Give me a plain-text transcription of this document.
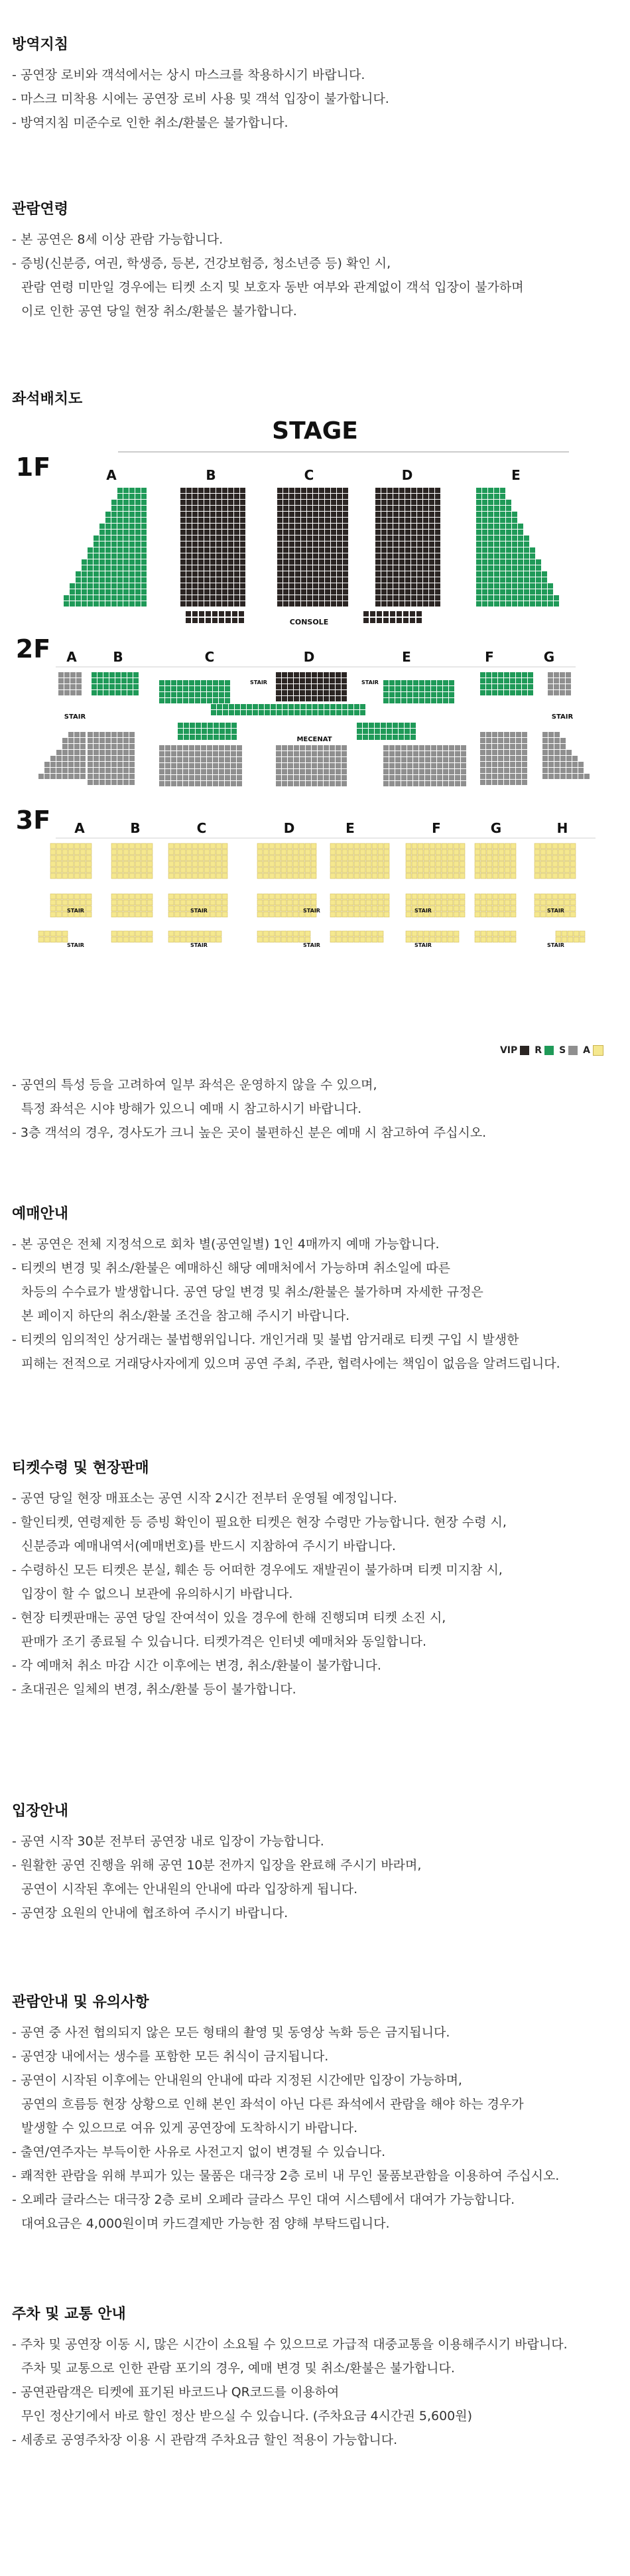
방역지침
- 공연장 로비와 객석에서는 상시 마스크를 착용하시기 바랍니다.
- 마스크 미착용 시에는 공연장 로비 사용 및 객석 입장이 불가합니다.
- 방역지침 미준수로 인한 취소/환불은 불가합니다.
관람연령
- 본 공연은 8세 이상 관람 가능합니다.
- 증빙(신분증, 여권, 학생증, 등본, 건강보험증, 청소년증 등) 확인 시,
관람 연령 미만일 경우에는 티켓 소지 및 보호자 동반 여부와 관계없이 객석 입장이 불가하며
이로 인한 공연 당일 현장 취소/환불은 불가합니다.
좌석배치도
- 공연의 특성 등을 고려하여 일부 좌석은 운영하지 않을 수 있으며,
특정 좌석은 시야 방해가 있으니 예매 시 참고하시기 바랍니다.
- 3층 객석의 경우, 경사도가 크니 높은 곳이 불편하신 분은 예매 시 참고하여 주십시오.
예매안내
- 본 공연은 전체 지정석으로 회차 별(공연일별) 1인 4매까지 예매 가능합니다.
- 티켓의 변경 및 취소/환불은 예매하신 해당 예매처에서 가능하며 취소일에 따른
차등의 수수료가 발생합니다. 공연 당일 변경 및 취소/환불은 불가하며 자세한 규정은
본 페이지 하단의 취소/환불 조건을 참고해 주시기 바랍니다.
- 티켓의 임의적인 상거래는 불법행위입니다. 개인거래 및 불법 암거래로 티켓 구입 시 발생한
피해는 전적으로 거래당사자에게 있으며 공연 주최, 주관, 협력사에는 책임이 없음을 알려드립니다.
티켓수령 및 현장판매
- 공연 당일 현장 매표소는 공연 시작 2시간 전부터 운영될 예정입니다.
- 할인티켓, 연령제한 등 증빙 확인이 필요한 티켓은 현장 수령만 가능합니다. 현장 수령 시,
신분증과 예매내역서(예매번호)를 반드시 지참하여 주시기 바랍니다.
- 수령하신 모든 티켓은 분실, 훼손 등 어떠한 경우에도 재발권이 불가하며 티켓 미지참 시,
입장이 할 수 없으니 보관에 유의하시기 바랍니다.
- 현장 티켓판매는 공연 당일 잔여석이 있을 경우에 한해 진행되며 티켓 소진 시,
판매가 조기 종료될 수 있습니다. 티켓가격은 인터넷 예매처와 동일합니다.
- 각 예매처 취소 마감 시간 이후에는 변경, 취소/환불이 불가합니다.
- 초대권은 일체의 변경, 취소/환불 등이 불가합니다.
입장안내
- 공연 시작 30분 전부터 공연장 내로 입장이 가능합니다.
- 원활한 공연 진행을 위해 공연 10분 전까지 입장을 완료해 주시기 바라며,
공연이 시작된 후에는 안내원의 안내에 따라 입장하게 됩니다.
- 공연장 요원의 안내에 협조하여 주시기 바랍니다.
관람안내 및 유의사항
- 공연 중 사전 협의되지 않은 모든 형태의 촬영 및 동영상 녹화 등은 금지됩니다.
- 공연장 내에서는 생수를 포함한 모든 취식이 금지됩니다.
- 공연이 시작된 이후에는 안내원의 안내에 따라 지정된 시간에만 입장이 가능하며,
공연의 흐름등 현장 상황으로 인해 본인 좌석이 아닌 다른 좌석에서 관람을 해야 하는 경우가
발생할 수 있으므로 여유 있게 공연장에 도착하시기 바랍니다.
- 출연/연주자는 부득이한 사유로 사전고지 없이 변경될 수 있습니다.
- 쾌적한 관람을 위해 부피가 있는 물품은 대극장 2층 로비 내 무인 물품보관함을 이용하여 주십시오.
- 오페라 글라스는 대극장 2층 로비 오페라 글라스 무인 대여 시스템에서 대여가 가능합니다.
대여요금은 4,000원이며 카드결제만 가능한 점 양해 부탁드립니다.
주차 및 교통 안내
- 주차 및 공연장 이동 시, 많은 시간이 소요될 수 있으므로 가급적 대중교통을 이용해주시기 바랍니다.
주차 및 교통으로 인한 관람 포기의 경우, 예매 변경 및 취소/환불은 불가합니다.
- 공연관람객은 티켓에 표기된 바코드나 QR코드를 이용하여
무인 정산기에서 바로 할인 정산 받으실 수 있습니다. (주차요금 4시간권 5,600원)
- 세종로 공영주차장 이용 시 관람객 주차요금 할인 적용이 가능합니다.
STAGE
1F	A	B	C	D	E
CONSOLE
2F A	B	C	D	E	F	G
STAIR	STAIR
STAIR	STAIR
MECENAT
3F A	B	C	D	E	F	G	H
STAIR	STAIR	STAIR	STAIR	STAIR
STAIR	STAIR	STAIR	STAIR	STAIR
VIP R S A
